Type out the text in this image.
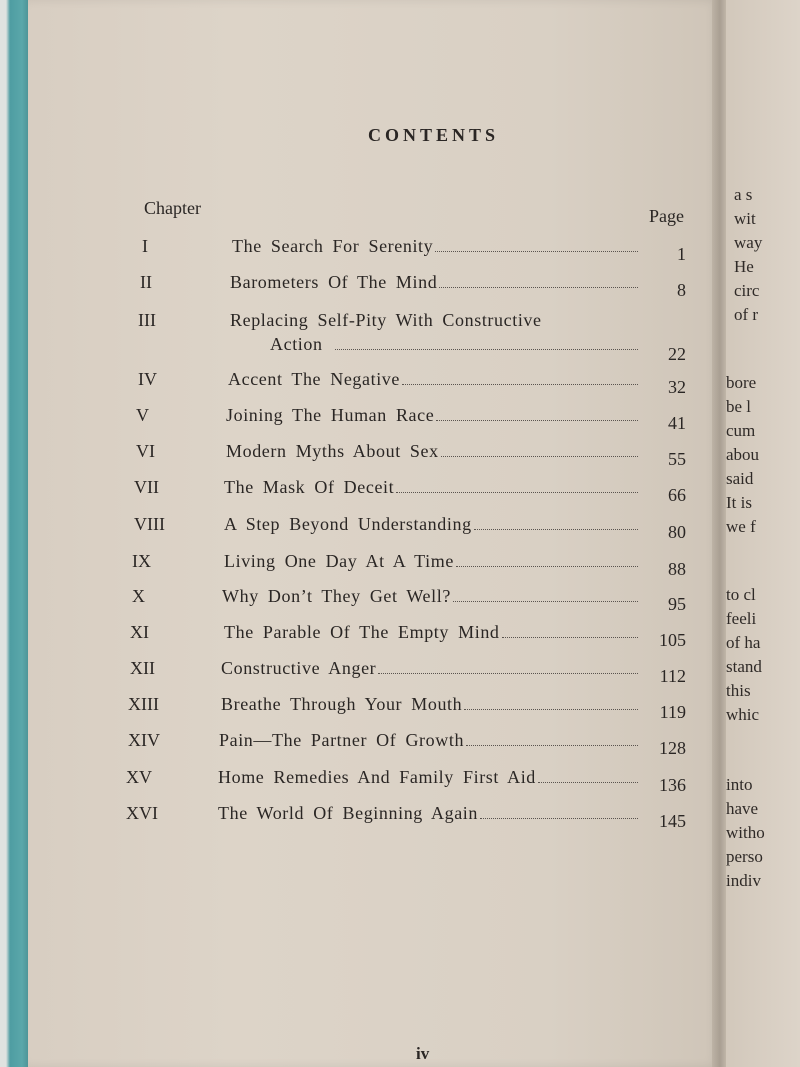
CONTENTS
Chapter	Page
I	The Search For Serenity	1
II	Barometers Of The Mind	8
III	Replacing Self-Pity With Constructive
Action	22
IV	Accent The Negative	32
V	Joining The Human Race	41
VI	Modern Myths About Sex	55
VII	The Mask Of Deceit	66
VIII	A Step Beyond Understanding	80
IX	Living One Day At A Time	88
X	Why Don’t They Get Well?	95
XI	The Parable Of The Empty Mind	105
XII	Constructive Anger	112
XIII	Breathe Through Your Mouth	119
XIV	Pain—The Partner Of Growth	128
XV	Home Remedies And Family First Aid	136
XVI	The World Of Beginning Again	145
iv
a s
wit
way
He
circ
of r
bore
be l
cum
abou
said
It is
we f
to cl
feeli
of ha
stand
this
whic
into
have
witho
perso
indiv
